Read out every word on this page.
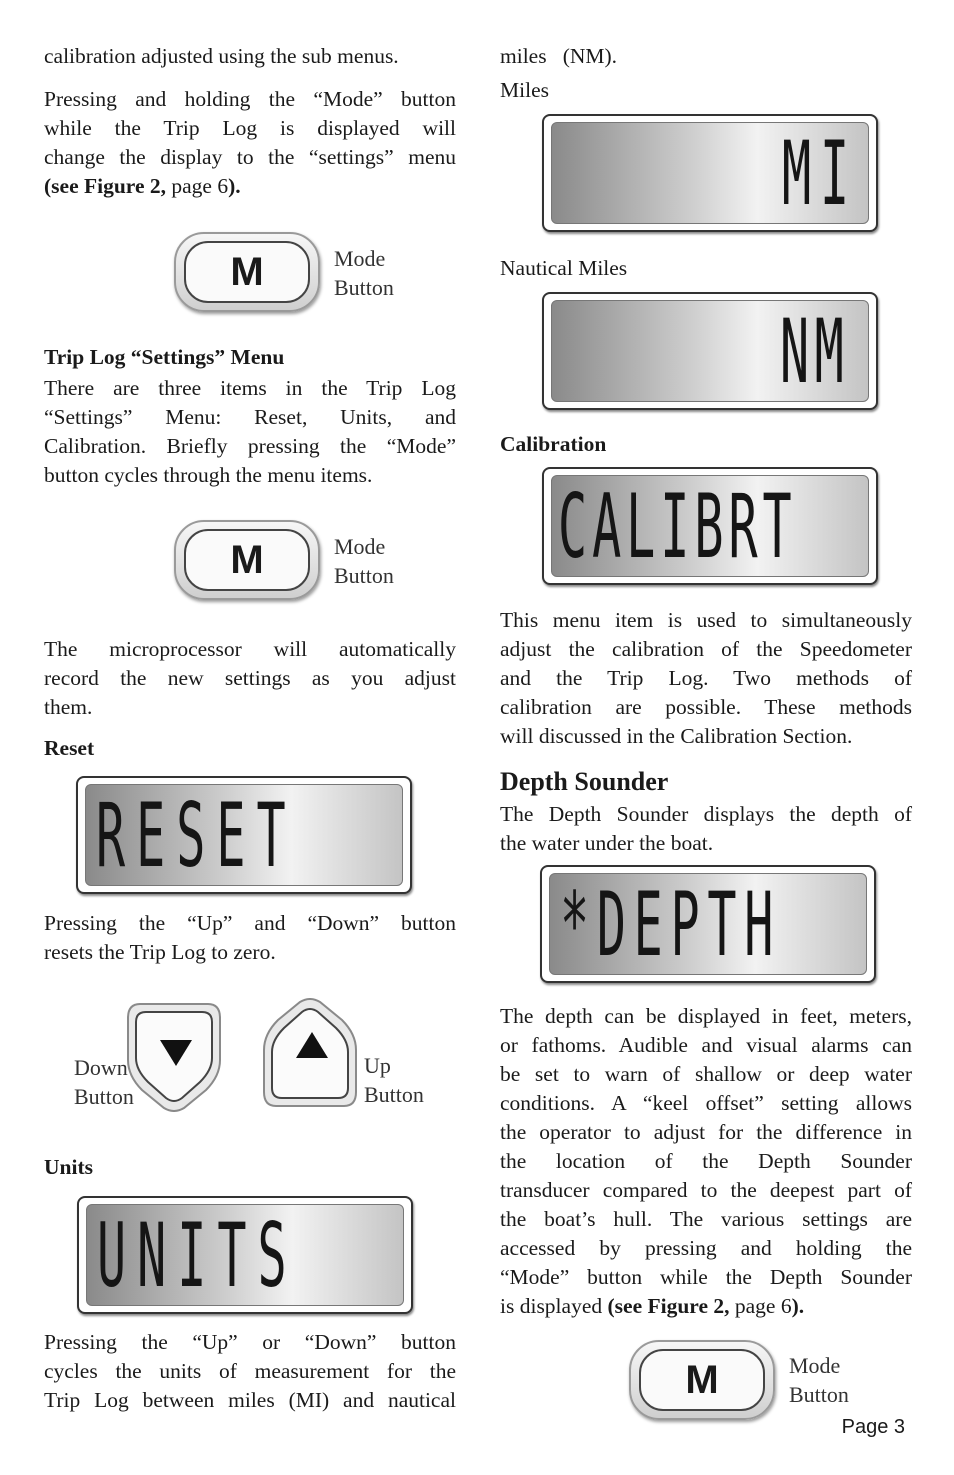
calibration adjusted using the sub menus.
Pressing and holding the “Mode” button
while the Trip Log is displayed will
change the display to the “settings” menu
(see Figure 2, page 6).
M	Mode
Button
Trip Log “Settings” Menu
There are three items in the Trip Log
“Settings” Menu: Reset, Units, and
Calibration. Briefly pressing the “Mode”
button cycles through the menu items.
M	Mode
Button
The microprocessor will automatically
record the new settings as you adjust
them.
Reset
RESET
Pressing the “Up” and “Down” button
resets the Trip Log to zero.
Down
Button
Up
Button
Units
UNITS
Pressing the “Up” or “Down” button
cycles the units of measurement for the
Trip Log between miles (MI) and nautical
miles   (NM).
Miles
MI
Nautical Miles
NM
Calibration
CALIBRT
This menu item is used to simultaneously
adjust the calibration of the Speedometer
and the Trip Log. Two methods of
calibration are possible. These methods
will discussed in the Calibration Section.
Depth Sounder
The Depth Sounder displays the depth of
the water under the boat.
*DEPTH
The depth can be displayed in feet, meters,
or fathoms. Audible and visual alarms can
be set to warn of shallow or deep water
conditions. A “keel offset” setting allows
the operator to adjust for the difference in
the location of the Depth Sounder
transducer compared to the deepest part of
the boat’s hull. The various settings are
accessed by pressing and holding the
“Mode” button while the Depth Sounder
is displayed (see Figure 2, page 6).
M	Mode
Button
Page 3
